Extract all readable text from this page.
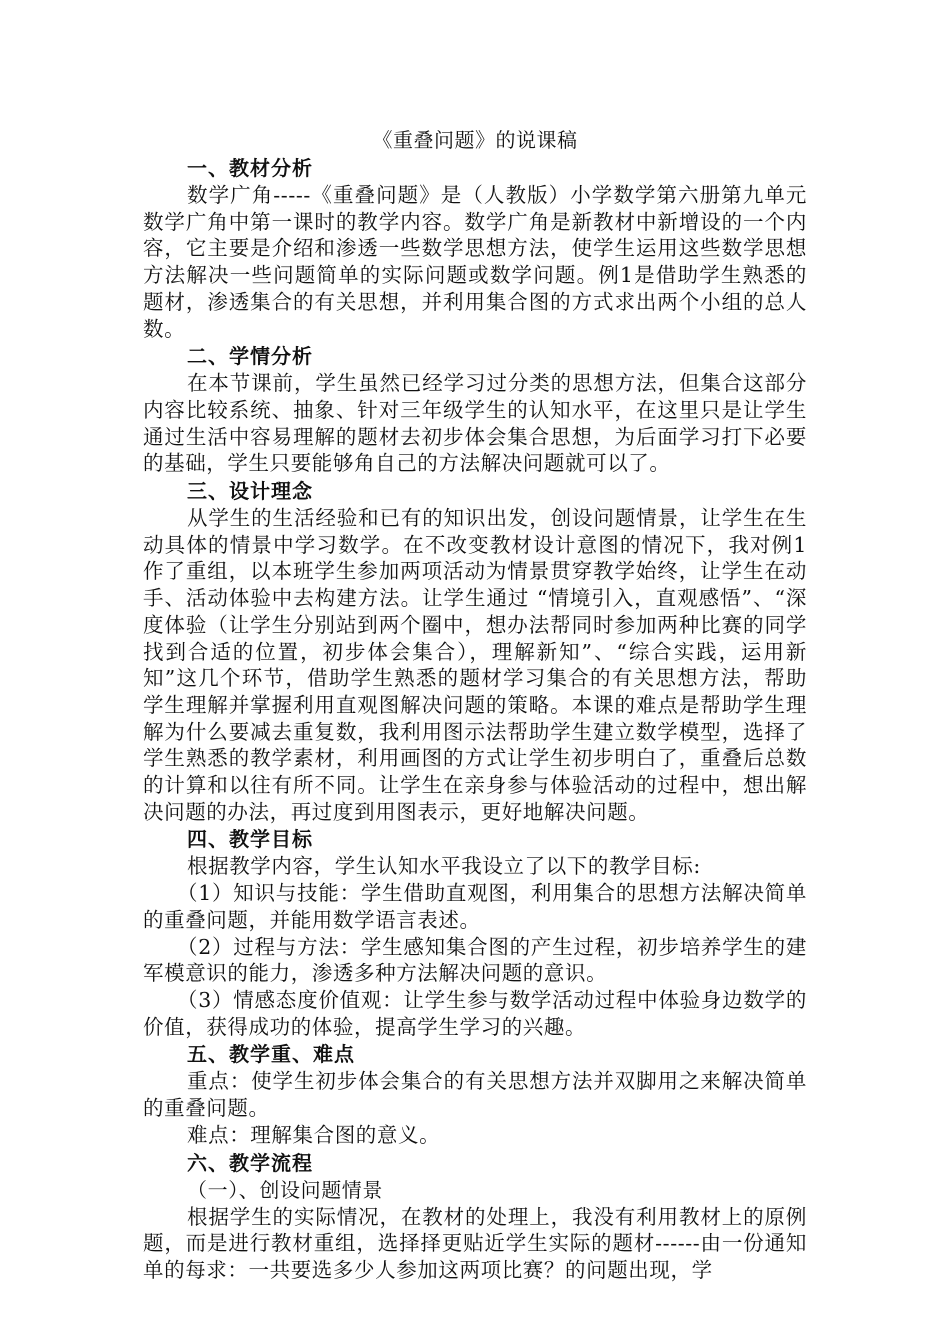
《重叠问题》的说课稿

一、教材分析

数学广角-----《重叠问题》是（人教版）小学数学第六册第九单元数学广角中第一课时的教学内容。数学广角是新教材中新增设的一个内容，它主要是介绍和渗透一些数学思想方法，使学生运用这些数学思想方法解决一些问题简单的实际问题或数学问题。例1是借助学生熟悉的题材，渗透集合的有关思想，并利用集合图的方式求出两个小组的总人数。

二、学情分析

在本节课前，学生虽然已经学习过分类的思想方法，但集合这部分内容比较系统、抽象、针对三年级学生的认知水平，在这里只是让学生通过生活中容易理解的题材去初步体会集合思想，为后面学习打下必要的基础，学生只要能够角自己的方法解决问题就可以了。

三、设计理念

从学生的生活经验和已有的知识出发，创设问题情景，让学生在生动具体的情景中学习数学。在不改变教材设计意图的情况下，我对例1作了重组，以本班学生参加两项活动为情景贯穿教学始终，让学生在动手、活动体验中去构建方法。让学生通过 “情境引入，直观感悟”、“深度体验（让学生分别站到两个圈中，想办法帮同时参加两种比赛的同学找到合适的位置，初步体会集合），理解新知”、“综合实践，运用新知”这几个环节，借助学生熟悉的题材学习集合的有关思想方法，帮助学生理解并掌握利用直观图解决问题的策略。本课的难点是帮助学生理解为什么要减去重复数，我利用图示法帮助学生建立数学模型，选择了学生熟悉的教学素材，利用画图的方式让学生初步明白了，重叠后总数的计算和以往有所不同。让学生在亲身参与体验活动的过程中，想出解决问题的办法，再过度到用图表示，更好地解决问题。

四、教学目标

根据教学内容，学生认知水平我设立了以下的教学目标:

（1）知识与技能：学生借助直观图，利用集合的思想方法解决简单的重叠问题，并能用数学语言表述。

（2）过程与方法：学生感知集合图的产生过程，初步培养学生的建军模意识的能力，渗透多种方法解决问题的意识。

（3）情感态度价值观：让学生参与数学活动过程中体验身边数学的价值，获得成功的体验，提高学生学习的兴趣。

五、教学重、难点

重点：使学生初步体会集合的有关思想方法并双脚用之来解决简单的重叠问题。

难点：理解集合图的意义。

六、教学流程

（一）、创设问题情景

根据学生的实际情况，在教材的处理上，我没有利用教材上的原例题，而是进行教材重组，选择择更贴近学生实际的题材------由一份通知单的每求：一共要选多少人参加这两项比赛？的问题出现，学
